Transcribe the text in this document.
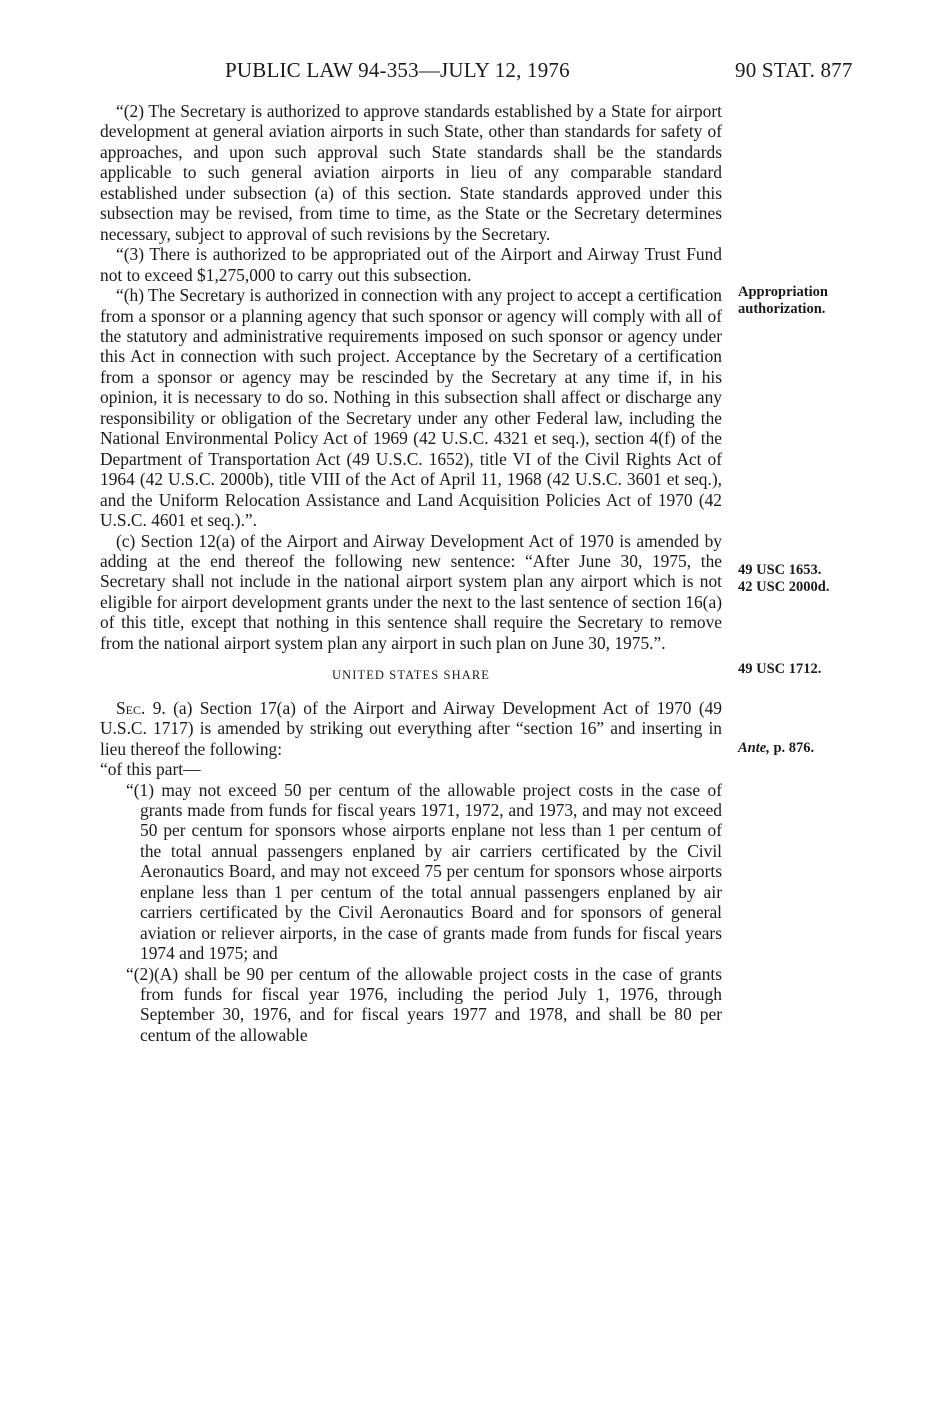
PUBLIC LAW 94-353—JULY 12, 1976	90 STAT. 877

“(2) The Secretary is authorized to approve standards established by a State for airport development at general aviation airports in such State, other than standards for safety of approaches, and upon such approval such State standards shall be the standards applicable to such general aviation airports in lieu of any comparable standard established under subsection (a) of this section. State standards approved under this subsection may be revised, from time to time, as the State or the Secretary determines necessary, subject to approval of such revisions by the Secretary.

“(3) There is authorized to be appropriated out of the Airport and Airway Trust Fund not to exceed $1,275,000 to carry out this subsection.

“(h) The Secretary is authorized in connection with any project to accept a certification from a sponsor or a planning agency that such sponsor or agency will comply with all of the statutory and administrative requirements imposed on such sponsor or agency under this Act in connection with such project. Acceptance by the Secretary of a certification from a sponsor or agency may be rescinded by the Secretary at any time if, in his opinion, it is necessary to do so. Nothing in this subsection shall affect or discharge any responsibility or obligation of the Secretary under any other Federal law, including the National Environmental Policy Act of 1969 (42 U.S.C. 4321 et seq.), section 4(f) of the Department of Transportation Act (49 U.S.C. 1652), title VI of the Civil Rights Act of 1964 (42 U.S.C. 2000b), title VIII of the Act of April 11, 1968 (42 U.S.C. 3601 et seq.), and the Uniform Relocation Assistance and Land Acquisition Policies Act of 1970 (42 U.S.C. 4601 et seq.).”.

(c) Section 12(a) of the Airport and Airway Development Act of 1970 is amended by adding at the end thereof the following new sentence: “After June 30, 1975, the Secretary shall not include in the national airport system plan any airport which is not eligible for airport development grants under the next to the last sentence of section 16(a) of this title, except that nothing in this sentence shall require the Secretary to remove from the national airport system plan any airport in such plan on June 30, 1975.”.

UNITED STATES SHARE

Sec. 9. (a) Section 17(a) of the Airport and Airway Development Act of 1970 (49 U.S.C. 1717) is amended by striking out everything after “section 16” and inserting in lieu thereof the following:

“of this part—

“(1) may not exceed 50 per centum of the allowable project costs in the case of grants made from funds for fiscal years 1971, 1972, and 1973, and may not exceed 50 per centum for sponsors whose airports enplane not less than 1 per centum of the total annual passengers enplaned by air carriers certificated by the Civil Aeronautics Board, and may not exceed 75 per centum for sponsors whose airports enplane less than 1 per centum of the total annual passengers enplaned by air carriers certificated by the Civil Aeronautics Board and for sponsors of general aviation or reliever airports, in the case of grants made from funds for fiscal years 1974 and 1975; and

“(2)(A) shall be 90 per centum of the allowable project costs in the case of grants from funds for fiscal year 1976, including the period July 1, 1976, through September 30, 1976, and for fiscal years 1977 and 1978, and shall be 80 per centum of the allowable

Appropriation
authorization.
49 USC 1653.
42 USC 2000d.
49 USC 1712.
Ante, p. 876.
